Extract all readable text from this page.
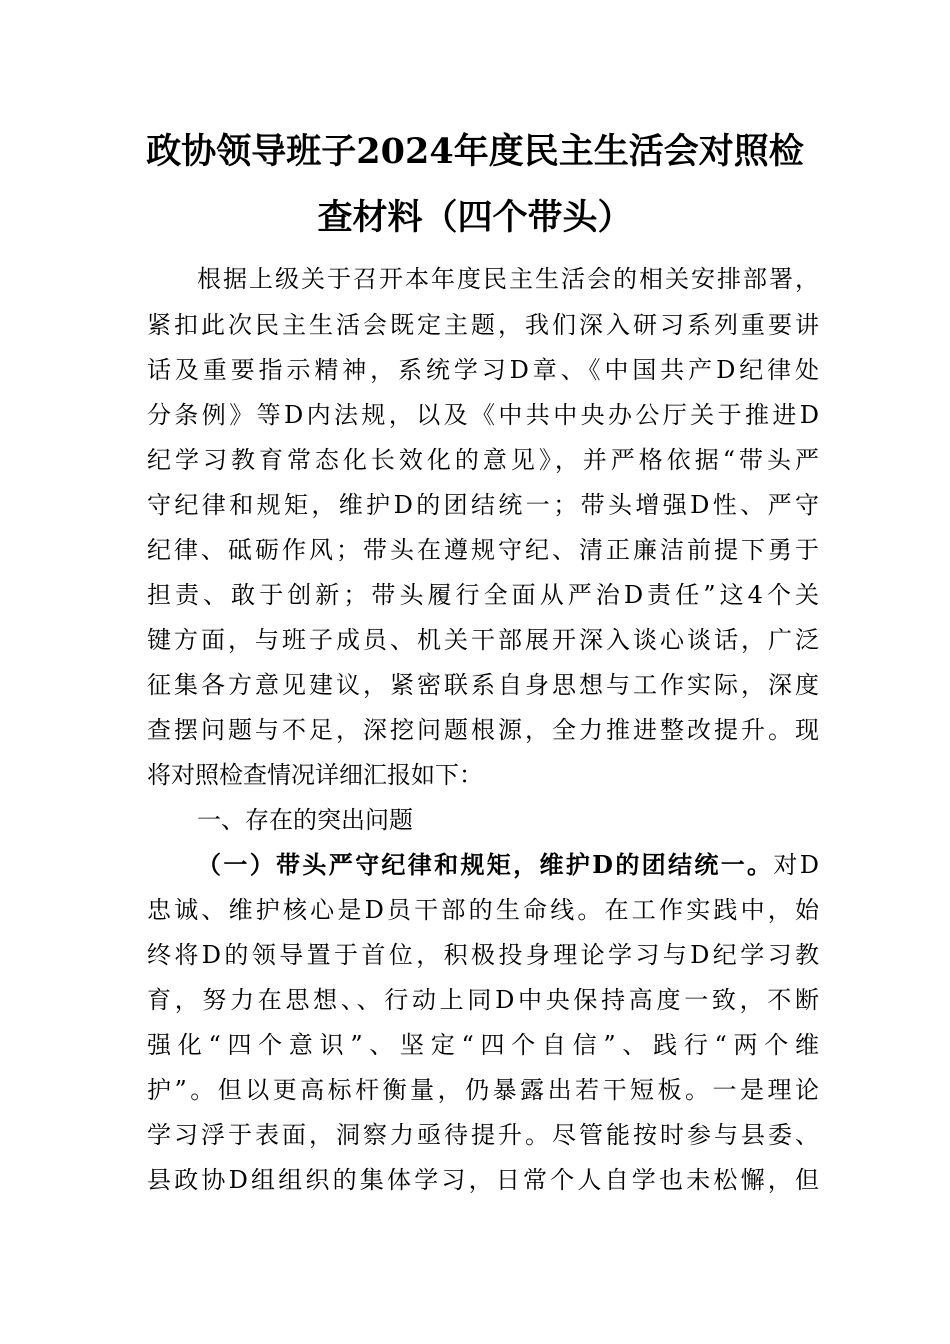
政协领导班子2024年度民主生活会对照检
查材料（四个带头）
根据上级关于召开本年度民主生活会的相关安排部署，
紧扣此次民主生活会既定主题，我们深入研习系列重要讲
话及重要指示精神，系统学习D章、《中国共产D纪律处
分条例》等D内法规，以及《中共中央办公厅关于推进D
纪学习教育常态化长效化的意见》，并严格依据“带头严
守纪律和规矩，维护D的团结统一；带头增强D性、严守
纪律、砥砺作风；带头在遵规守纪、清正廉洁前提下勇于
担责、敢于创新；带头履行全面从严治D责任”这4个关
键方面，与班子成员、机关干部展开深入谈心谈话，广泛
征集各方意见建议，紧密联系自身思想与工作实际，深度
查摆问题与不足，深挖问题根源，全力推进整改提升。现
将对照检查情况详细汇报如下：
一、存在的突出问题
（一）带头严守纪律和规矩，维护D的团结统一。对D
忠诚、维护核心是D员干部的生命线。在工作实践中，始
终将D的领导置于首位，积极投身理论学习与D纪学习教
育，努力在思想、、行动上同D中央保持高度一致，不断
强化“四个意识”、坚定“四个自信”、践行“两个维
护”。但以更高标杆衡量，仍暴露出若干短板。一是理论
学习浮于表面，洞察力亟待提升。尽管能按时参与县委、
县政协D组组织的集体学习，日常个人自学也未松懈，但
